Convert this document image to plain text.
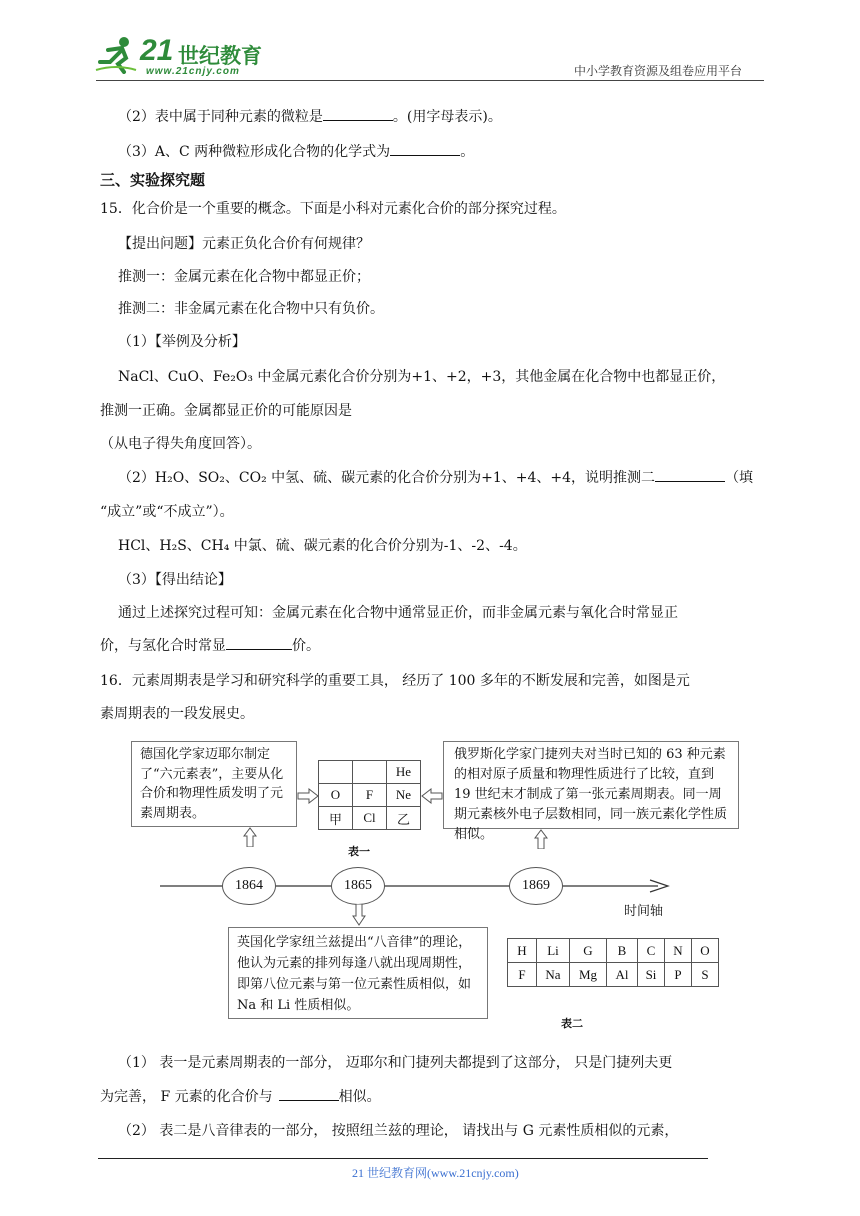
21 世纪教育
www.21cnjy.com	中小学教育资源及组卷应用平台
（2）表中属于同种元素的微粒是	。(用字母表示)。
（3）A、C 两种微粒形成化合物的化学式为	。
三、实验探究题
15．化合价是一个重要的概念。下面是小科对元素化合价的部分探究过程。
【提出问题】元素正负化合价有何规律？
推测一：金属元素在化合物中都显正价；
推测二：非金属元素在化合物中只有负价。
（1）【举例及分析】
NaCl、CuO、Fe₂O₃ 中金属元素化合价分别为+1、+2，+3，其他金属在化合物中也都显正价，
推测一正确。金属都显正价的可能原因是
（从电子得失角度回答）。
（2）H₂O、SO₂、CO₂ 中氢、硫、碳元素的化合价分别为+1、+4、+4，说明推测二	（填
“成立”或“不成立”）。
HCl、H₂S、CH₄ 中氯、硫、碳元素的化合价分别为-1、-2、-4。
（3）【得出结论】
通过上述探究过程可知：金属元素在化合物中通常显正价，而非金属元素与氧化合时常显正
价，与氢化合时常显	价。
16．元素周期表是学习和研究科学的重要工具， 经历了 100 多年的不断发展和完善，如图是元
素周期表的一段发展史。
德国化学家迈耶尔制定了“六元素表”，主要从化合价和物理性质发明了元素周期表。
		He
O	F	Ne
甲	Cl	乙
表一
俄罗斯化学家门捷列夫对当时已知的 63 种元素的相对原子质量和物理性质进行了比较，直到 19 世纪末才制成了第一张元素周期表。同一周期元素核外电子层数相同，同一族元素化学性质相似。
1864	1865	1869
时间轴
英国化学家纽兰兹提出“八音律”的理论，他认为元素的排列每逢八就出现周期性，即第八位元素与第一位元素性质相似，如 Na 和 Li 性质相似。
H	Li	G	B	C	N	O
F	Na	Mg	Al	Si	P	S
表二
（1） 表一是元素周期表的一部分， 迈耶尔和门捷列夫都提到了这部分， 只是门捷列夫更
为完善， F 元素的化合价与	相似。
（2） 表二是八音律表的一部分， 按照纽兰兹的理论， 请找出与 G 元素性质相似的元素，
21 世纪教育网(www.21cnjy.com)
